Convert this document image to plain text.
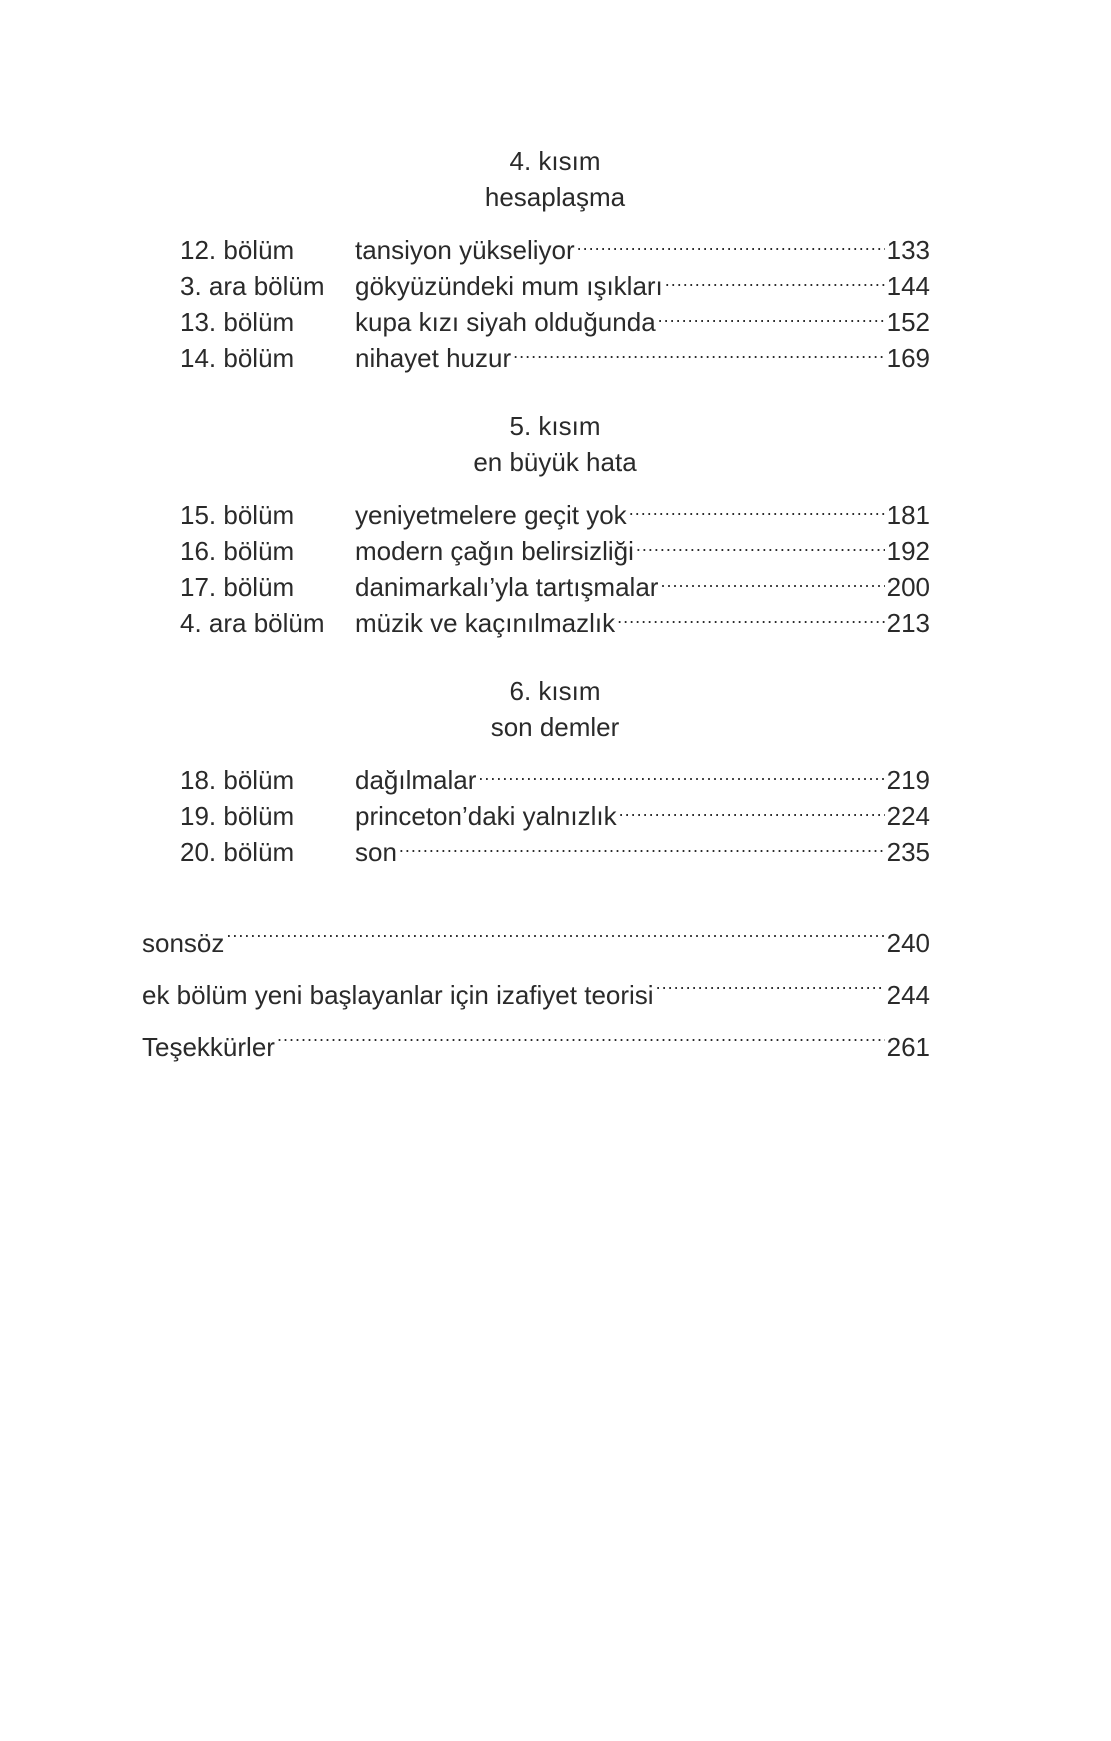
4. kısım
hesaplaşma
12. bölüm	tansiyon yükseliyor .....	133
3. ara bölüm	gökyüzündeki mum ışıkları .....	144
13. bölüm	kupa kızı siyah olduğunda .....	152
14. bölüm	nihayet huzur .....	169
5. kısım
en büyük hata
15. bölüm	yeniyetmelere geçit yok .....	181
16. bölüm	modern çağın belirsizliği .....	192
17. bölüm	danimarkalı’yla tartışmalar .....	200
4. ara bölüm	müzik ve kaçınılmazlık .....	213
6. kısım
son demler
18. bölüm	dağılmalar .....	219
19. bölüm	princeton’daki yalnızlık .....	224
20. bölüm	son .....	235
sonsöz .....	240
ek bölüm yeni başlayanlar için izafiyet teorisi .....	244
Teşekkürler .....	261
